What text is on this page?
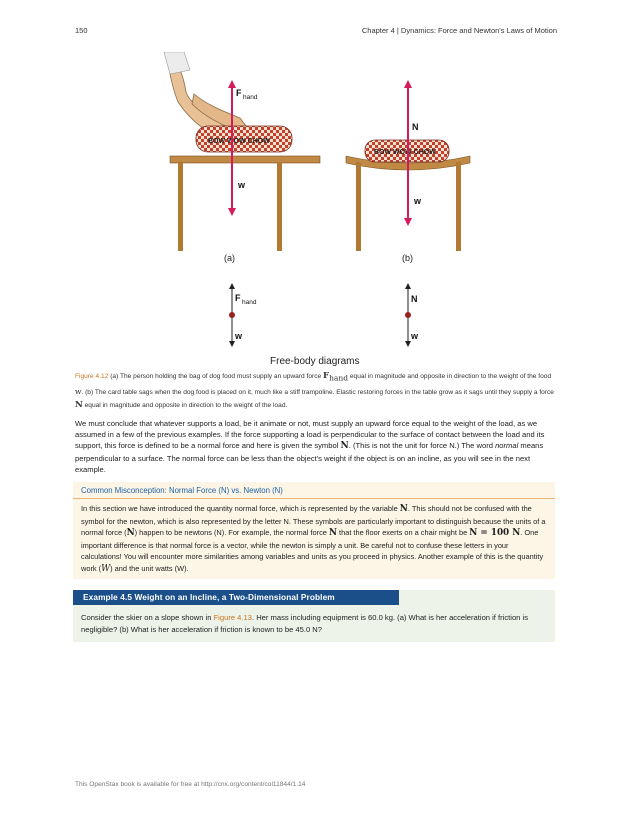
150	Chapter 4 | Dynamics: Force and Newton's Laws of Motion
BOW WOW CHOW
F hand
w
(a)
BOW WOW CHOW
N
w
(b)
F hand
w
N
w
Free-body diagrams
Figure 4.12 (a) The person holding the bag of dog food must supply an upward force $F_{hand}$ equal in magnitude and opposite in direction to the weight of the food w. (b) The card table sags when the dog food is placed on it, much like a stiff trampoline. Elastic restoring forces in the table grow as it sags until they supply a force N equal in magnitude and opposite in direction to the weight of the load.
We must conclude that whatever supports a load, be it animate or not, must supply an upward force equal to the weight of the load, as we assumed in a few of the previous examples. If the force supporting a load is perpendicular to the surface of contact between the load and its support, this force is defined to be a normal force and here is given the symbol N. (This is not the unit for force N.) The word normal means perpendicular to a surface. The normal force can be less than the object's weight if the object is on an incline, as you will see in the next example.
Common Misconception: Normal Force (N) vs. Newton (N)
In this section we have introduced the quantity normal force, which is represented by the variable N. This should not be confused with the symbol for the newton, which is also represented by the letter N. These symbols are particularly important to distinguish because the units of a normal force (N) happen to be newtons (N). For example, the normal force N that the floor exerts on a chair might be N = 100 N. One important difference is that normal force is a vector, while the newton is simply a unit. Be careful not to confuse these letters in your calculations! You will encounter more similarities among variables and units as you proceed in physics. Another example of this is the quantity work (W) and the unit watts (W).
Example 4.5 Weight on an Incline, a Two-Dimensional Problem
Consider the skier on a slope shown in Figure 4.13. Her mass including equipment is 60.0 kg. (a) What is her acceleration if friction is negligible? (b) What is her acceleration if friction is known to be 45.0 N?
This OpenStax book is available for free at http://cnx.org/content/col11844/1.14
